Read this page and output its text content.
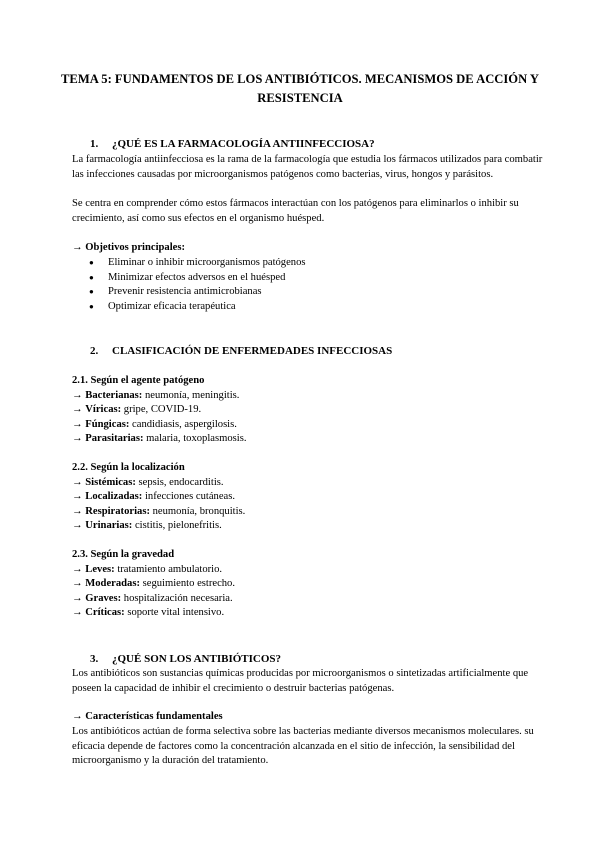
TEMA 5: FUNDAMENTOS DE LOS ANTIBIÓTICOS. MECANISMOS DE ACCIÓN Y RESISTENCIA
1. ¿QUÉ ES LA FARMACOLOGÍA ANTIINFECCIOSA?

La farmacología antiinfecciosa es la rama de la farmacología que estudia los fármacos utilizados para combatir las infecciones causadas por microorganismos patógenos como bacterias, virus, hongos y parásitos.

Se centra en comprender cómo estos fármacos interactúan con los patógenos para eliminarlos o inhibir su crecimiento, así como sus efectos en el organismo huésped.

→ Objetivos principales:
● Eliminar o inhibir microorganismos patógenos
● Minimizar efectos adversos en el huésped
● Prevenir resistencia antimicrobianas
● Optimizar eficacia terapéutica
2. CLASIFICACIÓN DE ENFERMEDADES INFECCIOSAS
2.1. Según el agente patógeno
→ Bacterianas: neumonía, meningitis.
→ Víricas: gripe, COVID-19.
→ Fúngicas: candidiasis, aspergilosis.
→ Parasitarias: malaria, toxoplasmosis.
2.2. Según la localización
→ Sistémicas: sepsis, endocarditis.
→ Localizadas: infecciones cutáneas.
→ Respiratorias: neumonía, bronquitis.
→ Urinarias: cistitis, pielonefritis.
2.3. Según la gravedad
→ Leves: tratamiento ambulatorio.
→ Moderadas: seguimiento estrecho.
→ Graves: hospitalización necesaria.
→ Críticas: soporte vital intensivo.
3. ¿QUÉ SON LOS ANTIBIÓTICOS?

Los antibióticos son sustancias químicas producidas por microorganismos o sintetizadas artificialmente que poseen la capacidad de inhibir el crecimiento o destruir bacterias patógenas.

→ Características fundamentales

Los antibióticos actúan de forma selectiva sobre las bacterias mediante diversos mecanismos moleculares. su eficacia depende de factores como la concentración alcanzada en el sitio de infección, la sensibilidad del microorganismo y la duración del tratamiento.
